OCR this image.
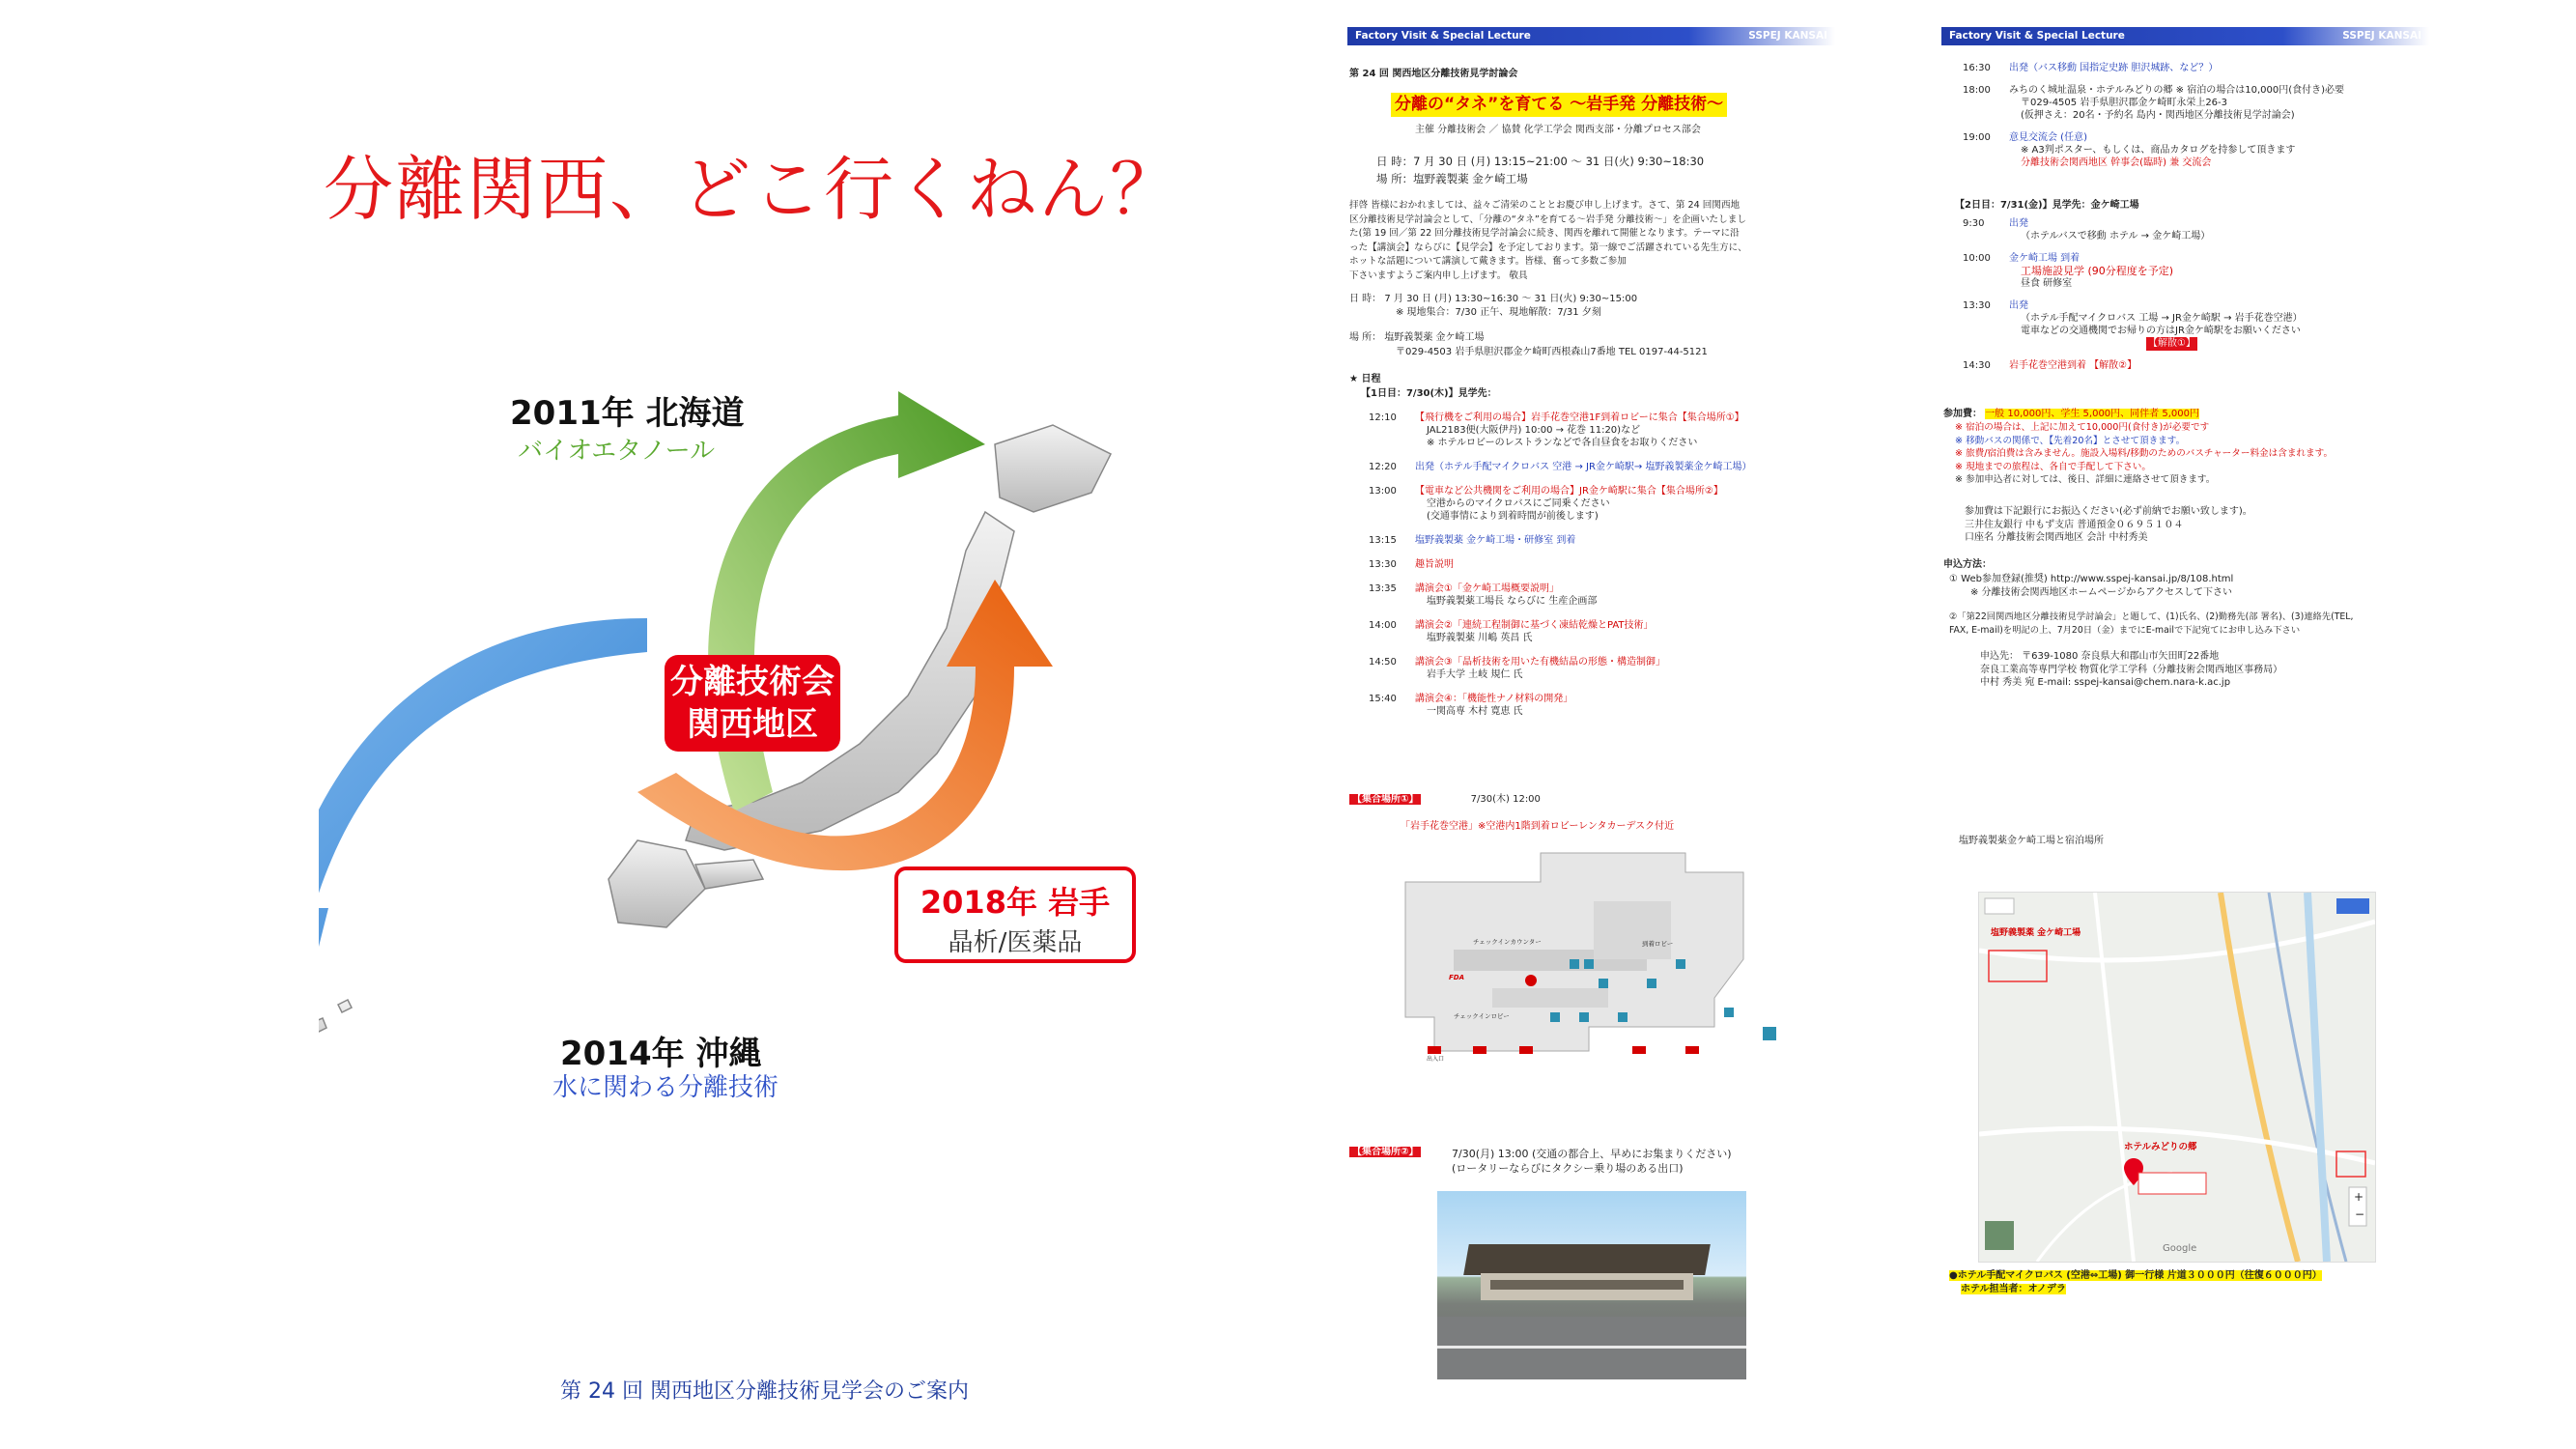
分離関西、どこ行くねん？
2011年 北海道
バイオエタノール
2014年 沖縄
水に関わる分離技術
分離技術会
関西地区
2018年 岩手
晶析/医薬品
第 24 回 関西地区分離技術見学会のご案内
Factory Visit & Special Lecture	SSPEJ KANSAI
第 24 回 関西地区分離技術見学討論会
分離の“タネ”を育てる ～岩手発 分離技術～
主催 分離技術会 ／ 協賛 化学工学会 関西支部・分離プロセス部会
日 時：7 月 30 日 (月) 13:15~21:00 ～ 31 日(火) 9:30~18:30
場 所：塩野義製薬 金ケ崎工場
拝啓 皆様におかれましては、益々ご清栄のこととお慶び申し上げます。さて、第 24 回関西地
区分離技術見学討論会として、「分離の“タネ”を育てる～岩手発 分離技術～」を企画いたしまし
た(第 19 回／第 22 回分離技術見学討論会に続き、関西を離れて開催となります。テーマに沿
った【講演会】ならびに【見学会】を予定しております。第一線でご活躍されている先生方に、
ホットな話題について講演して戴きます。皆様、奮って多数ご参加
下さいますようご案内申し上げます。 敬具
日 時： 7 月 30 日 (月) 13:30~16:30 ～ 31 日(火) 9:30~15:00
※ 現地集合：7/30 正午、現地解散：7/31 夕刻
場 所： 塩野義製薬 金ケ崎工場
〒029-4503 岩手県胆沢郡金ケ崎町西根森山7番地 TEL 0197-44-5121
★ 日程
【1日目：7/30(木)】見学先：
12:10 【飛行機をご利用の場合】岩手花巻空港1F到着ロビーに集合【集合場所①】
JAL2183便(大阪伊丹) 10:00 → 花巻 11:20)など
※ ホテルロビーのレストランなどで各自昼食をお取りください
12:20 出発（ホテル手配マイクロバス 空港 → JR金ケ崎駅→ 塩野義製薬金ケ崎工場）
13:00 【電車など公共機関をご利用の場合】JR金ケ崎駅に集合【集合場所②】
空港からのマイクロバスにご同乗ください
(交通事情により到着時間が前後します)
13:15 塩野義製薬 金ケ崎工場・研修室 到着
13:30 趣旨説明
13:35 講演会①「金ケ崎工場概要説明」
塩野義製薬工場長 ならびに 生産企画部
14:00 講演会②「連続工程制御に基づく凍結乾燥とPAT技術」
塩野義製薬 川嶋 英昌 氏
14:50 講演会③「晶析技術を用いた有機結晶の形態・構造制御」
岩手大学 土岐 規仁 氏
15:40 講演会④：「機能性ナノ材料の開発」
一関高専 木村 寛恵 氏
【集合場所①】	7/30(木) 12:00
「岩手花巻空港」※空港内1階到着ロビーレンタカーデスク付近
FDA
チェックインカウンター
チェックインロビー
到着ロビー
出入口
【集合場所②】	7/30(月) 13:00 (交通の都合上、早めにお集まりください)
(ロータリーならびにタクシー乗り場のある出口)
Factory Visit & Special Lecture	SSPEJ KANSAI
16:30 出発（バス移動 国指定史跡 胆沢城跡、など？）
18:00 みちのく城址温泉・ホテルみどりの郷 ※ 宿泊の場合は10,000円(食付き)必要
〒029-4505 岩手県胆沢郡金ケ崎町永栄上26-3
(仮押さえ：20名・予約名 島内・関西地区分離技術見学討論会)
19:00 意見交流会 (任意)
※ A3判ポスター、もしくは、商品カタログを持参して頂きます
分離技術会関西地区 幹事会(臨時) 兼 交流会
【2日目：7/31(金)】見学先：金ケ崎工場
9:30	出発
（ホテルバスで移動 ホテル → 金ケ崎工場）
10:00 金ケ崎工場 到着
工場施設見学 (90分程度を予定)
昼食 研修室
13:30 出発
（ホテル手配マイクロバス 工場 → JR金ケ崎駅 → 岩手花巻空港）
電車などの交通機関でお帰りの方はJR金ケ崎駅をお願いください
【解散①】
14:30 岩手花巻空港到着 【解散②】
参加費： 一般 10,000円、学生 5,000円、同伴者 5,000円
※ 宿泊の場合は、上記に加えて10,000円(食付き)が必要です
※ 移動バスの関係で、【先着20名】とさせて頂きます。
※ 旅費/宿泊費は含みません。施設入場料/移動のためのバスチャーター料金は含まれます。
※ 現地までの旅程は、各自で手配して下さい。
※ 参加申込者に対しては、後日、詳細に連絡させて頂きます。
参加費は下記銀行にお振込ください(必ず前納でお願い致します)。
三井住友銀行 中もず支店 普通預金０６９５１０４
口座名 分離技術会関西地区 会計 中村秀美
申込方法：
① Web参加登録(推奨) http://www.sspej-kansai.jp/8/108.html
※ 分離技術会関西地区ホームページからアクセスして下さい
②「第22回関西地区分離技術見学討論会」と題して、(1)氏名、(2)勤務先(部 署名)、(3)連絡先(TEL,
FAX, E-mail)を明記の上、7月20日（金）までにE-mailで下記宛てにお申し込み下さい
申込先： 〒639-1080 奈良県大和郡山市矢田町22番地
奈良工業高等専門学校 物質化学工学科（分離技術会関西地区事務局）
中村 秀美 宛 E-mail: sspej-kansai@chem.nara-k.ac.jp
塩野義製薬金ケ崎工場と宿泊場所
塩野義製薬 金ケ崎工場
ホテルみどりの郷
Google
+
−
●ホテル手配マイクロバス (空港⇔工場) 御一行様 片道３０００円（往復６０００円）
ホテル担当者：オノデラ
